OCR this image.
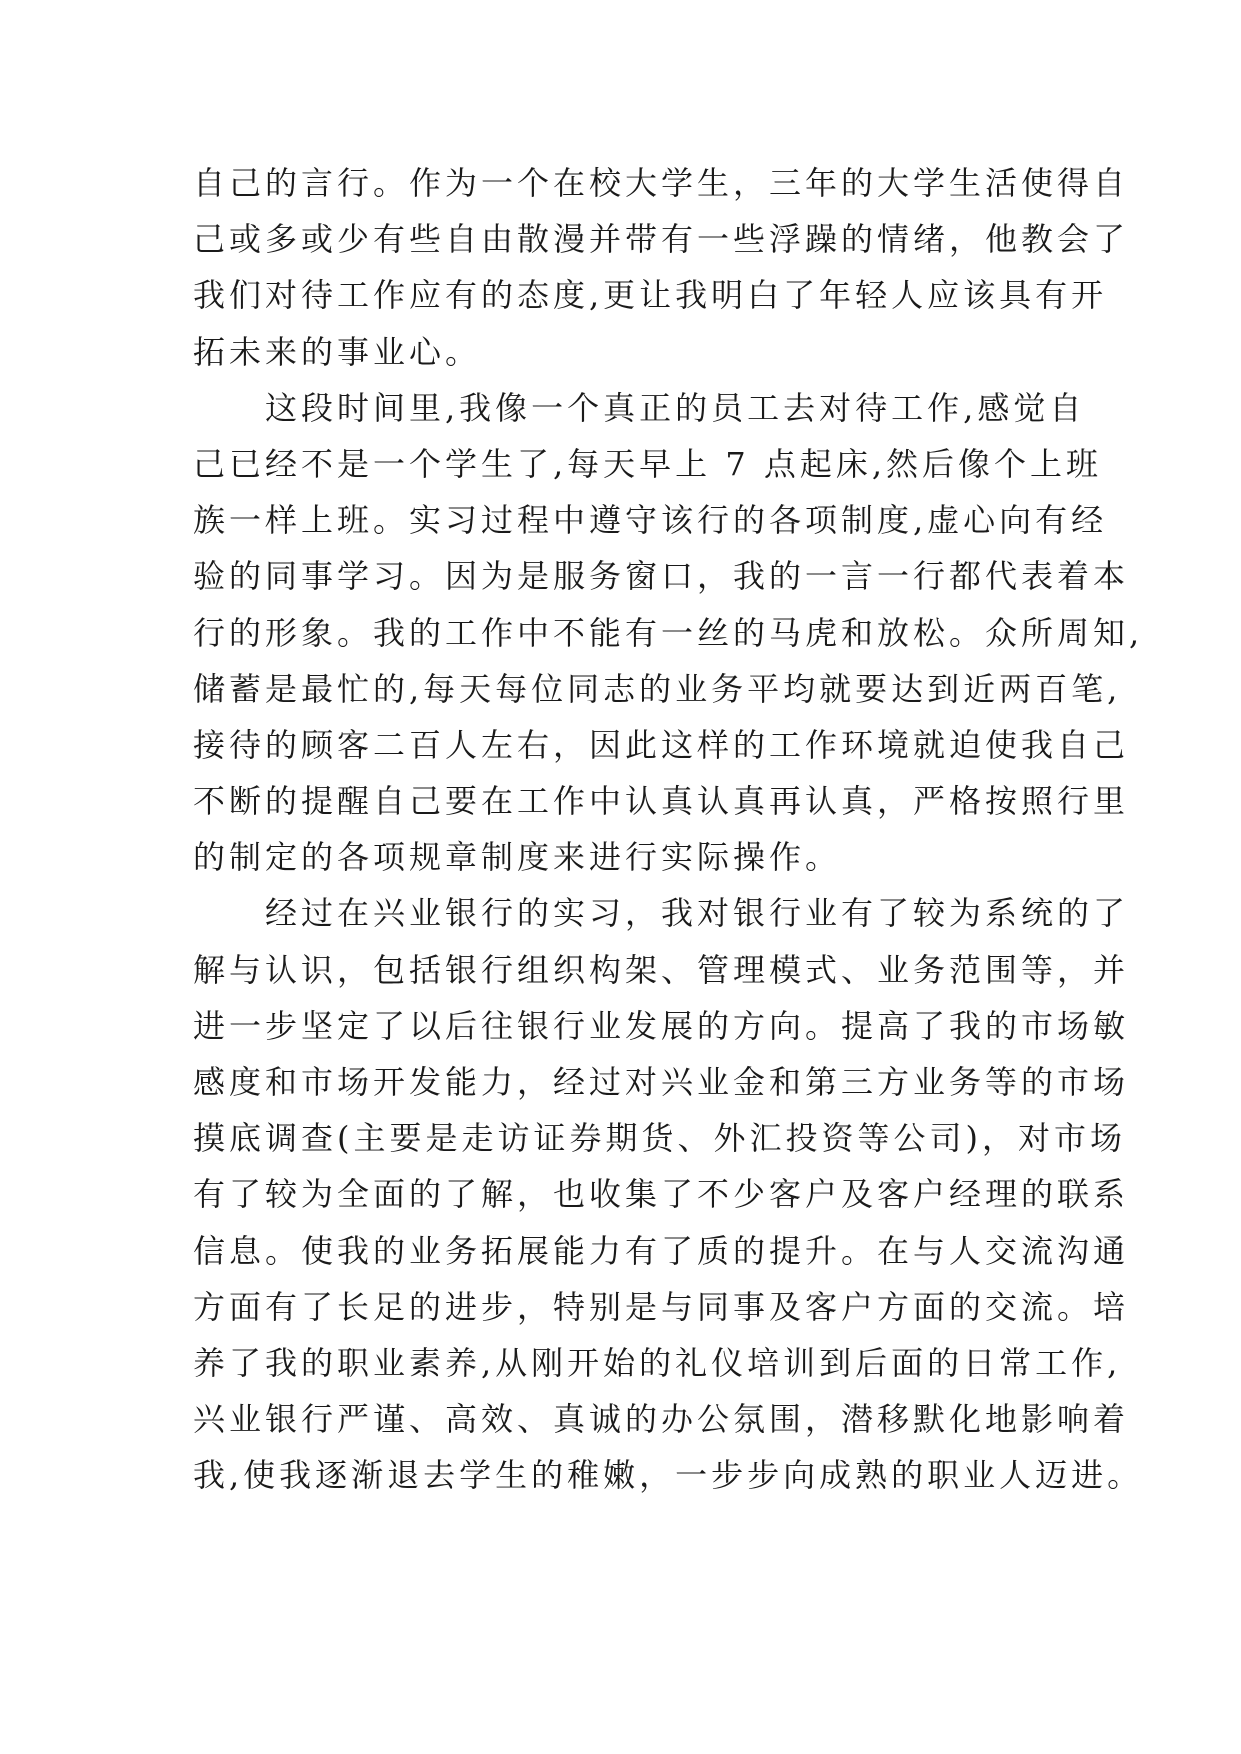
自己的言行。作为一个在校大学生，三年的大学生活使得自
己或多或少有些自由散漫并带有一些浮躁的情绪，他教会了
我们对待工作应有的态度,更让我明白了年轻人应该具有开
拓未来的事业心。
　　这段时间里,我像一个真正的员工去对待工作,感觉自
己已经不是一个学生了,每天早上 7 点起床,然后像个上班
族一样上班。实习过程中遵守该行的各项制度,虚心向有经
验的同事学习。因为是服务窗口，我的一言一行都代表着本
行的形象。我的工作中不能有一丝的马虎和放松。众所周知,
储蓄是最忙的,每天每位同志的业务平均就要达到近两百笔,
接待的顾客二百人左右，因此这样的工作环境就迫使我自己
不断的提醒自己要在工作中认真认真再认真，严格按照行里
的制定的各项规章制度来进行实际操作。
　　经过在兴业银行的实习，我对银行业有了较为系统的了
解与认识，包括银行组织构架、管理模式、业务范围等，并
进一步坚定了以后往银行业发展的方向。提高了我的市场敏
感度和市场开发能力，经过对兴业金和第三方业务等的市场
摸底调查(主要是走访证券期货、外汇投资等公司)，对市场
有了较为全面的了解，也收集了不少客户及客户经理的联系
信息。使我的业务拓展能力有了质的提升。在与人交流沟通
方面有了长足的进步，特别是与同事及客户方面的交流。培
养了我的职业素养,从刚开始的礼仪培训到后面的日常工作,
兴业银行严谨、高效、真诚的办公氛围，潜移默化地影响着
我,使我逐渐退去学生的稚嫩，一步步向成熟的职业人迈进。
